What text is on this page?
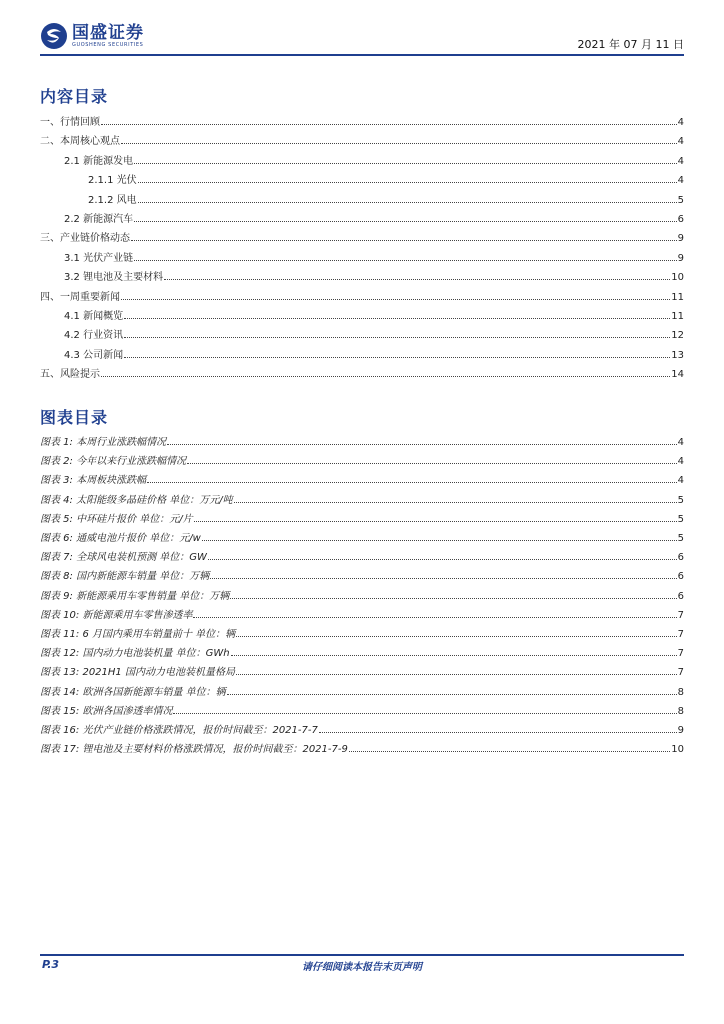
国盛证券
GUOSHENG SECURITIES	2021 年 07 月 11 日
内容目录
一、行情回顾	4
二、本周核心观点	4
2.1 新能源发电	4
2.1.1 光伏	4
2.1.2 风电	5
2.2 新能源汽车	6
三、产业链价格动态	9
3.1 光伏产业链	9
3.2 锂电池及主要材料	10
四、一周重要新闻	11
4.1 新闻概览	11
4.2 行业资讯	12
4.3 公司新闻	13
五、风险提示	14
图表目录
图表 1: 本周行业涨跌幅情况	4
图表 2: 今年以来行业涨跌幅情况	4
图表 3: 本周板块涨跌幅	4
图表 4: 太阳能级多晶硅价格 单位：万元/吨	5
图表 5: 中环硅片报价 单位：元/片	5
图表 6: 通威电池片报价 单位：元/w	5
图表 7: 全球风电装机预测 单位：GW	6
图表 8: 国内新能源车销量 单位：万辆	6
图表 9: 新能源乘用车零售销量 单位：万辆	6
图表 10: 新能源乘用车零售渗透率	7
图表 11: 6 月国内乘用车销量前十 单位：辆	7
图表 12: 国内动力电池装机量 单位：GWh	7
图表 13: 2021H1 国内动力电池装机量格局	7
图表 14: 欧洲各国新能源车销量 单位：辆	8
图表 15: 欧洲各国渗透率情况	8
图表 16: 光伏产业链价格涨跌情况，报价时间截至：2021-7-7	9
图表 17: 锂电池及主要材料价格涨跌情况，报价时间截至：2021-7-9	10
P.3	请仔细阅读本报告末页声明
